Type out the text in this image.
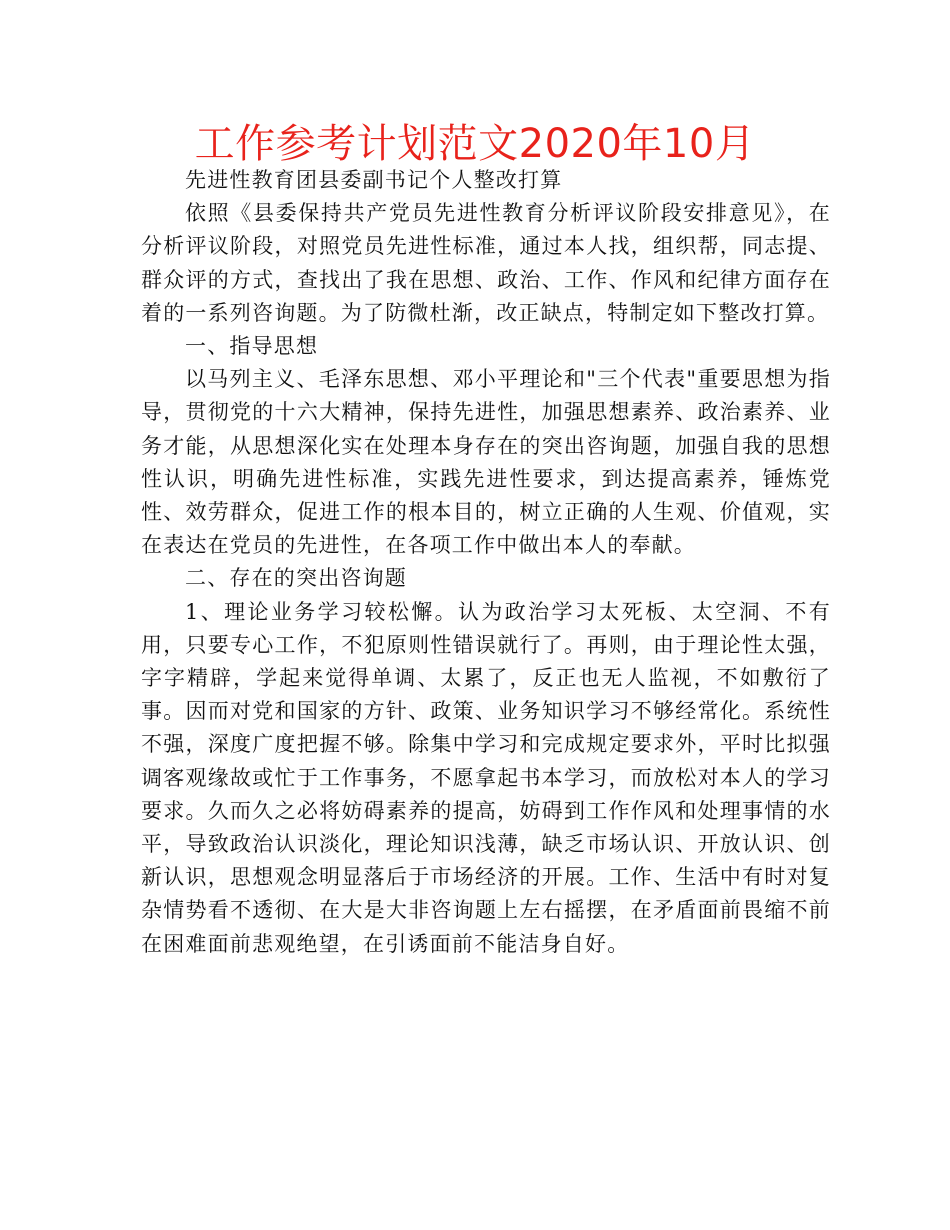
工作参考计划范文2020年10月

先进性教育团县委副书记个人整改打算

依照《县委保持共产党员先进性教育分析评议阶段安排意见》，在分析评议阶段，对照党员先进性标准，通过本人找，组织帮，同志提、群众评的方式，查找出了我在思想、政治、工作、作风和纪律方面存在着的一系列咨询题。为了防微杜渐，改正缺点，特制定如下整改打算。

一、指导思想

以马列主义、毛泽东思想、邓小平理论和"三个代表"重要思想为指导，贯彻党的十六大精神，保持先进性，加强思想素养、政治素养、业务才能，从思想深化实在处理本身存在的突出咨询题，加强自我的思想性认识，明确先进性标准，实践先进性要求，到达提高素养，锤炼党性、效劳群众，促进工作的根本目的，树立正确的人生观、价值观，实在表达在党员的先进性，在各项工作中做出本人的奉献。

二、存在的突出咨询题

1、理论业务学习较松懈。认为政治学习太死板、太空洞、不有用，只要专心工作，不犯原则性错误就行了。再则，由于理论性太强，字字精辟，学起来觉得单调、太累了，反正也无人监视，不如敷衍了事。因而对党和国家的方针、政策、业务知识学习不够经常化。系统性不强，深度广度把握不够。除集中学习和完成规定要求外，平时比拟强调客观缘故或忙于工作事务，不愿拿起书本学习，而放松对本人的学习要求。久而久之必将妨碍素养的提高，妨碍到工作作风和处理事情的水平，导致政治认识淡化，理论知识浅薄，缺乏市场认识、开放认识、创新认识，思想观念明显落后于市场经济的开展。工作、生活中有时对复杂情势看不透彻、在大是大非咨询题上左右摇摆，在矛盾面前畏缩不前在困难面前悲观绝望，在引诱面前不能洁身自好。
